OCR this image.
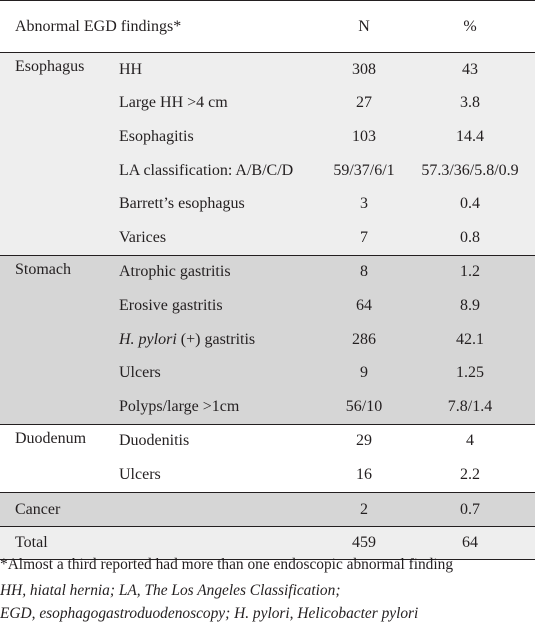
Abnormal EGD findings*		N	%
Esophagus	HH	308	43
	Large HH >4 cm	27	3.8
	Esophagitis	103	14.4
	LA classification: A/B/C/D	59/37/6/1	57.3/36/5.8/0.9
	Barrett’s esophagus	3	0.4
	Varices	7	0.8
Stomach	Atrophic gastritis	8	1.2
	Erosive gastritis	64	8.9
	H. pylori (+) gastritis	286	42.1
	Ulcers	9	1.25
	Polyps/large >1cm	56/10	7.8/1.4
Duodenum	Duodenitis	29	4
	Ulcers	16	2.2
Cancer		2	0.7
Total		459	64
*Almost a third reported had more than one endoscopic abnormal finding
HH, hiatal hernia; LA, The Los Angeles Classification;
EGD, esophagogastroduodenoscopy; H. pylori, Helicobacter pylori
